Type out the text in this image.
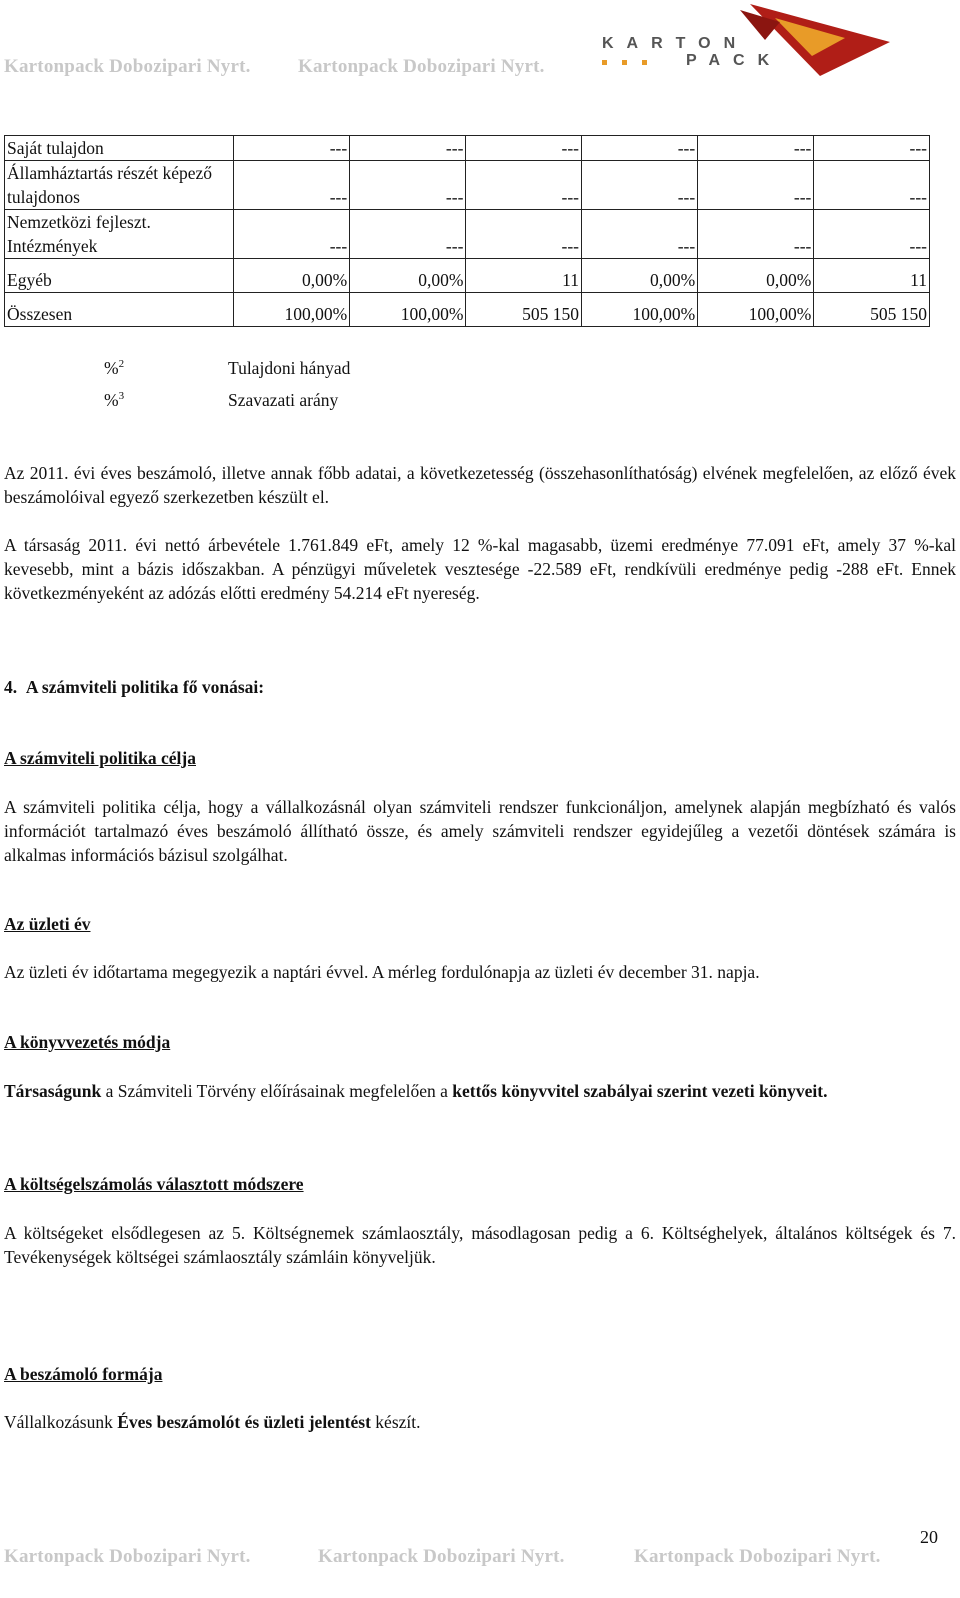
Kartonpack Dobozipari Nyrt. Kartonpack Dobozipari Nyrt.
KARTON
PACK
Saját tulajdon	---	---	---	---	---	---
Államháztartás részét képező tulajdonos	---	---	---	---	---	---
Nemzetközi fejleszt. Intézmények	---	---	---	---	---	---
Egyéb	0,00%	0,00%	11	0,00%	0,00%	11
Összesen	100,00%	100,00%	505 150	100,00%	100,00%	505 150
%$^2$	Tulajdoni hányad
%$^3$	Szavazati arány

Az 2011. évi éves beszámoló, illetve annak főbb adatai, a következetesség (összehasonlíthatóság) elvének megfelelően, az előző évek beszámolóival egyező szerkezetben készült el.

A társaság 2011. évi nettó árbevétele 1.761.849 eFt, amely 12 %-kal magasabb, üzemi eredménye 77.091 eFt, amely 37 %-kal kevesebb, mint a bázis időszakban. A pénzügyi műveletek vesztesége -22.589 eFt, rendkívüli eredménye pedig -288 eFt. Ennek következményeként az adózás előtti eredmény 54.214 eFt nyereség.

4. A számviteli politika fő vonásai:
A számviteli politika célja

A számviteli politika célja, hogy a vállalkozásnál olyan számviteli rendszer funkcionáljon, amelynek alapján megbízható és valós információt tartalmazó éves beszámoló állítható össze, és amely számviteli rendszer egyidejűleg a vezetői döntések számára is alkalmas információs bázisul szolgálhat.

Az üzleti év

Az üzleti év időtartama megegyezik a naptári évvel. A mérleg fordulónapja az üzleti év december 31. napja.

A könyvvezetés módja

Társaságunk a Számviteli Törvény előírásainak megfelelően a kettős könyvvitel szabályai szerint vezeti könyveit.

A költségelszámolás választott módszere

A költségeket elsődlegesen az 5. Költségnemek számlaosztály, másodlagosan pedig a 6. Költséghelyek, általános költségek és 7. Tevékenységek költségei számlaosztály számláin könyveljük.

A beszámoló formája

Vállalkozásunk Éves beszámolót és üzleti jelentést készít.

20
Kartonpack Dobozipari Nyrt.	Kartonpack Dobozipari Nyrt.	Kartonpack Dobozipari Nyrt.
